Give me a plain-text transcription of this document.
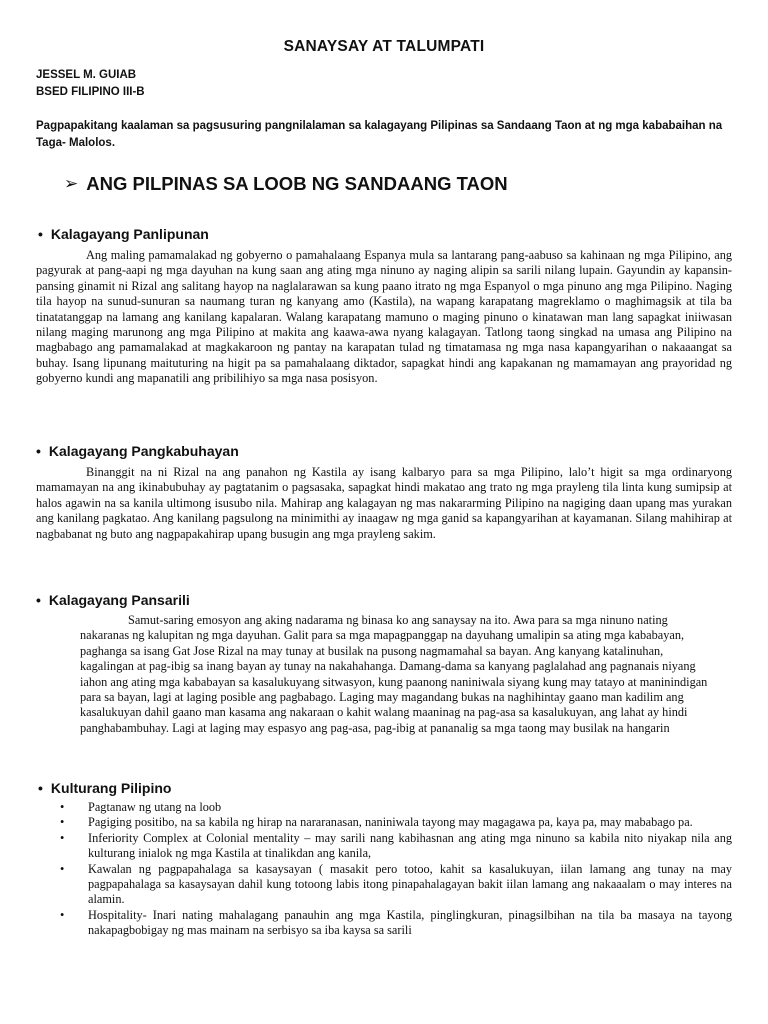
SANAYSAY AT TALUMPATI
JESSEL M. GUIAB
BSED FILIPINO III-B
Pagpapakitang kaalaman sa pagsusuring pangnilalaman sa kalagayang Pilipinas sa Sandaang Taon at ng mga kababaihan na Taga- Malolos.
➢ ANG PILPINAS SA LOOB NG SANDAANG TAON
• Kalagayang Panlipunan
Ang maling pamamalakad ng gobyerno o pamahalaang Espanya mula sa lantarang pang-aabuso sa kahinaan ng mga Pilipino, ang pagyurak at pang-aapi ng mga dayuhan na kung saan ang ating mga ninuno ay naging alipin sa sarili nilang lupain. Gayundin ay kapansin-pansing ginamit ni Rizal ang salitang hayop na naglalarawan sa kung paano itrato ng mga Espanyol o mga pinuno ang mga Pilipino. Naging tila hayop na sunud-sunuran sa naumang turan ng kanyang amo (Kastila), na wapang karapatang magreklamo o maghimagsik at tila ba tinatatanggap na lamang ang kanilang kapalaran. Walang karapatang mamuno o maging pinuno o kinatawan man lang sapagkat iniiwasan nilang maging marunong ang mga Pilipino at makita ang kaawa-awa nyang kalagayan. Tatlong taong singkad na umasa ang Pilipino na magbabago ang pamamalakad at magkakaroon ng pantay na karapatan tulad ng timatamasa ng mga nasa kapangyarihan o nakaaangat sa buhay. Isang lipunang maituturing na higit pa sa pamahalaang diktador, sapagkat hindi ang kapakanan ng mamamayan ang prayoridad ng gobyerno kundi ang mapanatili ang pribilihiyo sa mga nasa posisyon.
• Kalagayang Pangkabuhayan
Binanggit na ni Rizal na ang panahon ng Kastila ay isang kalbaryo para sa mga Pilipino, lalo’t higit sa mga ordinaryong mamamayan na ang ikinabubuhay ay pagtatanim o pagsasaka, sapagkat hindi makatao ang trato ng mga prayleng tila linta kung sumipsip at halos agawin na sa kanila ultimong isusubo nila. Mahirap ang kalagayan ng mas nakararming Pilipino na nagiging daan upang mas yurakan ang kanilang pagkatao. Ang kanilang pagsulong na minimithi ay inaagaw ng mga ganid sa kapangyarihan at kayamanan. Silang mahihirap at nagbabanat ng buto ang nagpapakahirap upang busugin ang mga prayleng sakim.
• Kalagayang Pansarili
Samut-saring emosyon ang aking nadarama ng binasa ko ang sanaysay na ito. Awa para sa mga ninuno nating nakaranas ng kalupitan ng mga dayuhan. Galit para sa mga mapagpanggap na dayuhang umalipin sa ating mga kababayan, paghanga sa isang Gat Jose Rizal na may tunay at busilak na pusong nagmamahal sa bayan. Ang kanyang katalinuhan, kagalingan at pag-ibig sa inang bayan ay tunay na nakahahanga. Damang-dama sa kanyang paglalahad ang pagnanais niyang iahon ang ating mga kababayan sa kasalukuyang sitwasyon, kung paanong naniniwala siyang kung may tatayo at maninindigan para sa bayan, lagi at laging posible ang pagbabago. Laging may magandang bukas na naghihintay gaano man kadilim ang kasalukuyan dahil gaano man kasama ang nakaraan o kahit walang maaninag na pag-asa sa kasalukuyan, ang lahat ay hindi panghabambuhay. Lagi at laging may espasyo ang pag-asa, pag-ibig at pananalig sa mga taong may busilak na hangarin
• Kulturang Pilipino
• Pagtanaw ng utang na loob
• Pagiging positibo, na sa kabila ng hirap na nararanasan, naniniwala tayong may magagawa pa, kaya pa, may mababago pa.
• Inferiority Complex at Colonial mentality – may sarili nang kabihasnan ang ating mga ninuno sa kabila nito niyakap nila ang kulturang inialok ng mga Kastila at tinalikdan ang kanila,
• Kawalan ng pagpapahalaga sa kasaysayan ( masakit pero totoo, kahit sa kasalukuyan, iilan lamang ang tunay na may pagpapahalaga sa kasaysayan dahil kung totoong labis itong pinapahalagayan bakit iilan lamang ang nakaaalam o may interes na alamin.
• Hospitality- Inari nating mahalagang panauhin ang mga Kastila, pinglingkuran, pinagsilbihan na tila ba masaya na tayong nakapagbobigay ng mas mainam na serbisyo sa iba kaysa sa sarili
